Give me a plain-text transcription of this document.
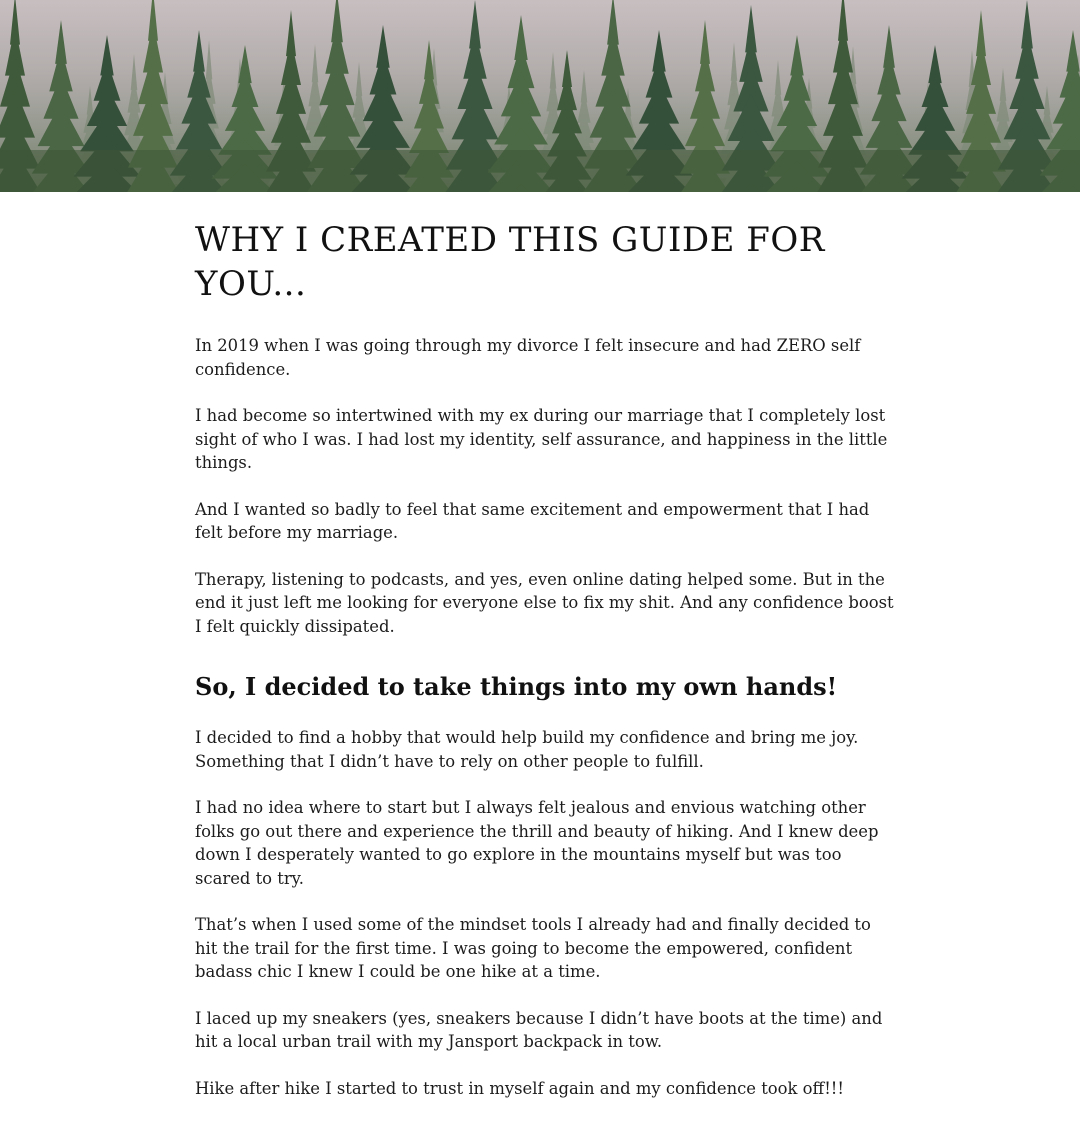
WHY I CREATED THIS GUIDE FOR YOU...

In 2019 when I was going through my divorce I felt insecure and had ZERO self confidence.

I had become so intertwined with my ex during our marriage that I completely lost sight of who I was. I had lost my identity, self assurance, and happiness in the little things.

And I wanted so badly to feel that same excitement and empowerment that I had felt before my marriage.

Therapy, listening to podcasts, and yes, even online dating helped some. But in the end it just left me looking for everyone else to fix my shit. And any confidence boost I felt quickly dissipated.

So, I decided to take things into my own hands!

I decided to find a hobby that would help build my confidence and bring me joy. Something that I didn’t have to rely on other people to fulfill.

I had no idea where to start but I always felt jealous and envious watching other folks go out there and experience the thrill and beauty of hiking. And I knew deep down I desperately wanted to go explore in the mountains myself but was too scared to try.

That’s when I used some of the mindset tools I already had and finally decided to hit the trail for the first time. I was going to become the empowered, confident badass chic I knew I could be one hike at a time.

I laced up my sneakers (yes, sneakers because I didn’t have boots at the time) and hit a local urban trail with my Jansport backpack in tow.

Hike after hike I started to trust in myself again and my confidence took off!!!
